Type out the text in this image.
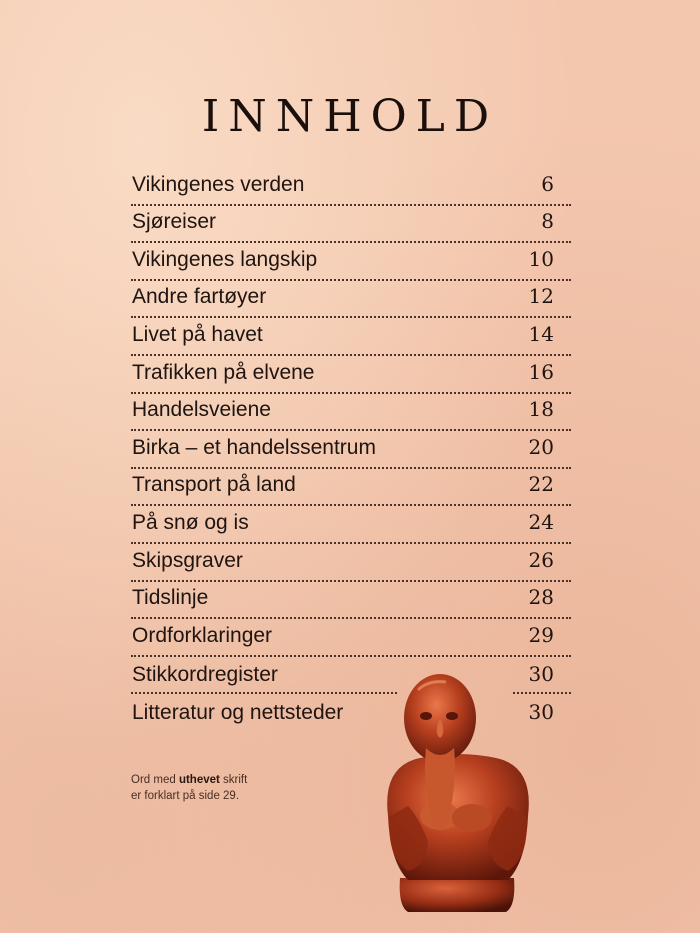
INNHOLD
Vikingenes verden	6
Sjøreiser	8
Vikingenes langskip	10
Andre fartøyer	12
Livet på havet	14
Trafikken på elvene	16
Handelsveiene	18
Birka – et handelssentrum	20
Transport på land	22
På snø og is	24
Skipsgraver	26
Tidslinje	28
Ordforklaringer	29
Stikkordregister	30
Litteratur og nettsteder	30
Ord med uthevet skrift
er forklart på side 29.
